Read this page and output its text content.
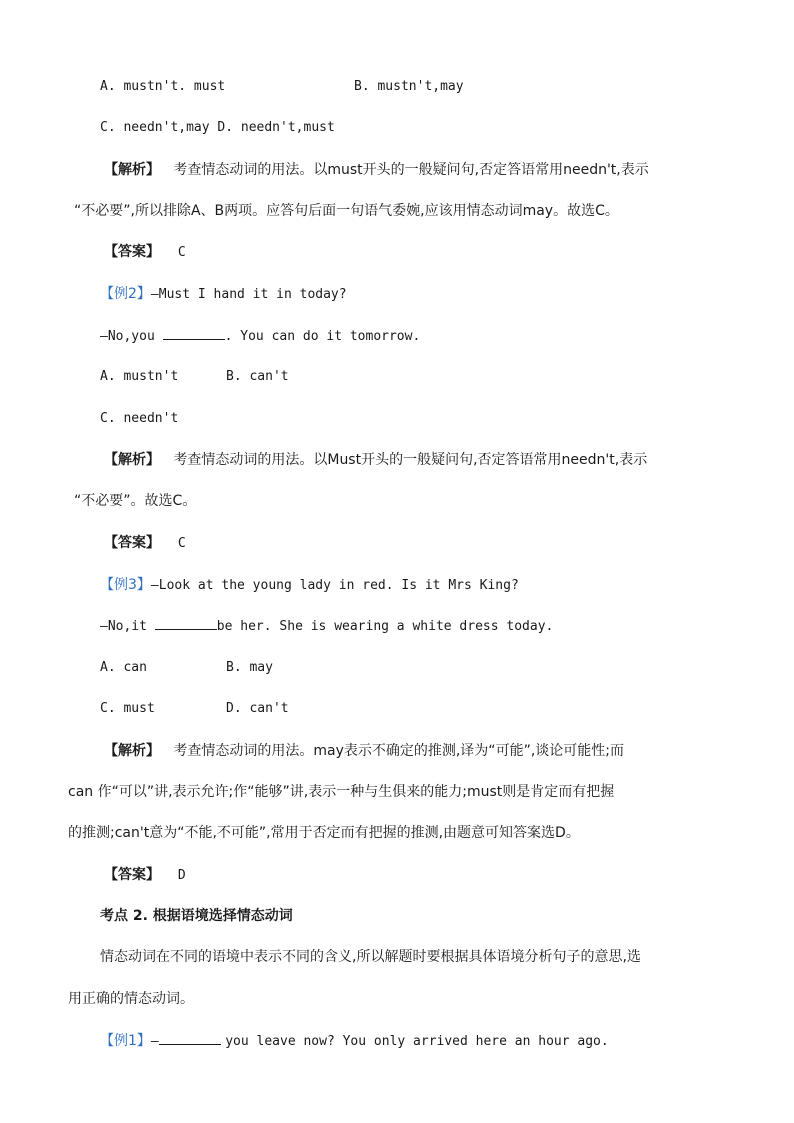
A. mustn't. must	B. mustn't,may
C. needn't,may D. needn't,must
【解析】 考查情态动词的用法。以must开头的一般疑问句,否定答语常用needn't,表示
“不必要”,所以排除A、B两项。应答句后面一句语气委婉,应该用情态动词may。故选C。
【答案】 C
【例2】—Must I hand it in today?
—No,you	. You can do it tomorrow.
A. mustn't	B. can't
C. needn't
【解析】 考查情态动词的用法。以Must开头的一般疑问句,否定答语常用needn't,表示
“不必要”。故选C。
【答案】 C
【例3】—Look at the young lady in red. Is it Mrs King?
—No,it	be her. She is wearing a white dress today.
A. can	B. may
C. must	D. can't
【解析】 考查情态动词的用法。may表示不确定的推测,译为“可能”,谈论可能性;而
can 作“可以”讲,表示允许;作“能够”讲,表示一种与生俱来的能力;must则是肯定而有把握
的推测;can't意为“不能,不可能”,常用于否定而有把握的推测,由题意可知答案选D。
【答案】 D
考点 2. 根据语境选择情态动词
情态动词在不同的语境中表示不同的含义,所以解题时要根据具体语境分析句子的意思,选
用正确的情态动词。
【例1】—	you leave now? You only arrived here an hour ago.
